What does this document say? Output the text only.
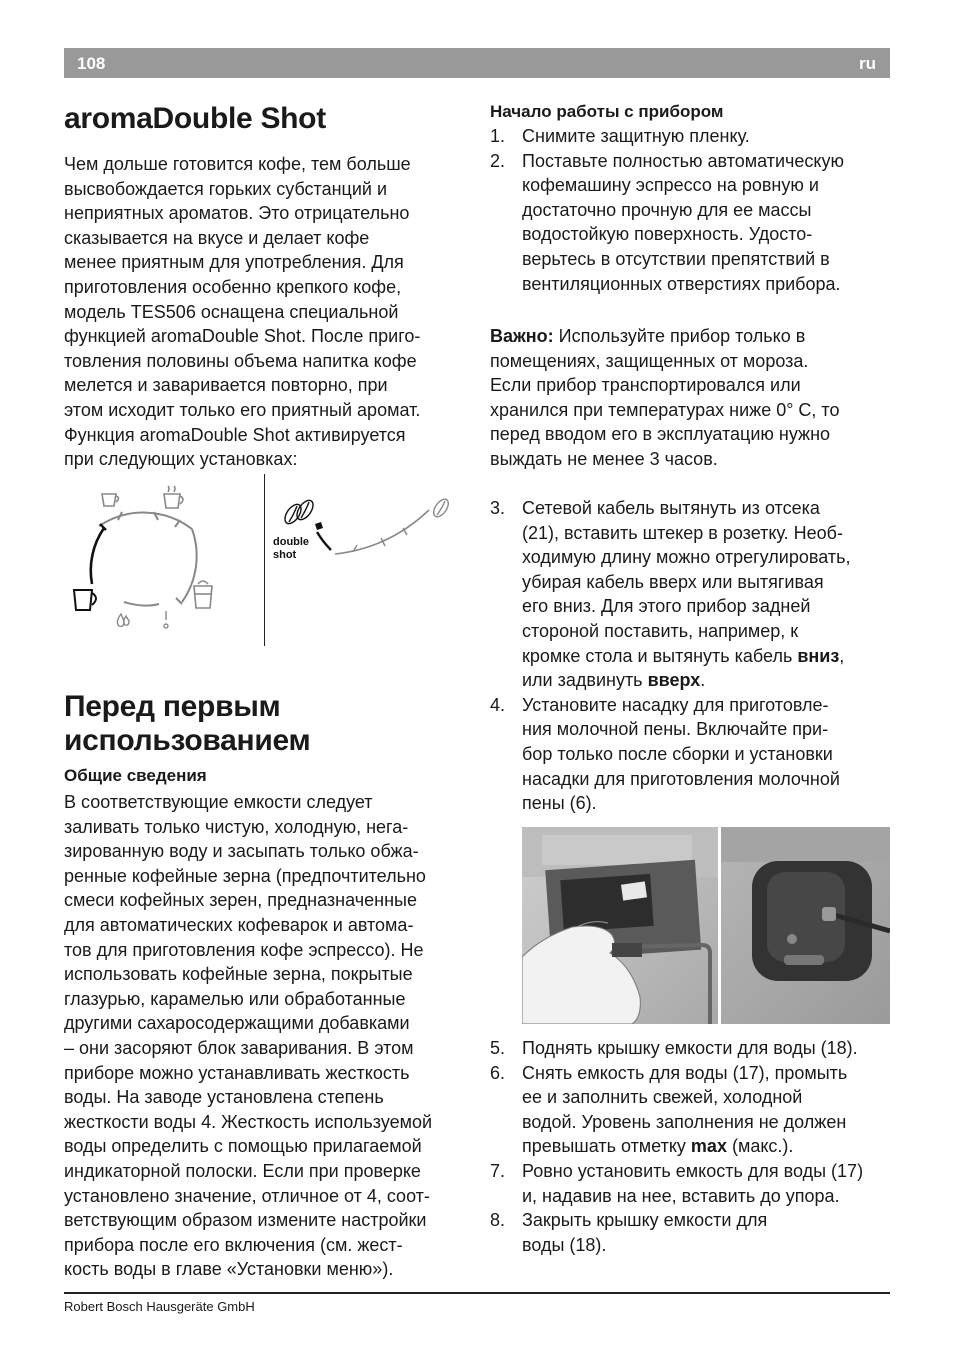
108	ru
aromaDouble Shot

Чем дольше готовится кофе, тем больше
высвобождается горьких субстанций и
неприятных ароматов. Это отрицательно
сказывается на вкусе и делает кофе
менее приятным для употребления. Для
приготовления особенно крепкого кофе,
модель TES506 оснащена специальной
функцией aromaDouble Shot. После приго-
товления половины объема напитка кофе
мелется и заваривается повторно, при
этом исходит только его приятный аромат.
Функция aromaDouble Shot активируется
при следующих установках:

double
shot
Перед первым
использованием
Общие сведения

В соответствующие емкости следует
заливать только чистую, холодную, нега-
зированную воду и засыпать только обжа-
ренные кофейные зерна (предпочтительно
смеси кофейных зерен, предназначенные
для автоматических кофеварок и автома-
тов для приготовления кофе эспрессо). Не
использовать кофейные зерна, покрытые
глазурью, карамелью или обработанные
другими сахаросодержащими добавками
– они засоряют блок заваривания. В этом
приборе можно устанавливать жесткость
воды. На заводе установлена степень
жесткости воды 4. Жесткость используемой
воды определить с помощью прилагаемой
индикаторной полоски. Если при проверке
установлено значение, отличное от 4, соот-
ветствующим образом измените настройки
прибора после его включения (см. жест-
кость воды в главе «Установки меню»).

Начало работы с прибором
1. Снимите защитную пленку.
2. Поставьте полностью автоматическую
кофемашину эспрессо на ровную и
достаточно прочную для ее массы
водостойкую поверхность. Удосто-
верьтесь в отсутствии препятствий в
вентиляционных отверстиях прибора.

Важно: Используйте прибор только в
помещениях, защищенных от мороза.
Если прибор транспортировался или
хранился при температурах ниже 0° C, то
перед вводом его в эксплуатацию нужно
выждать не менее 3 часов.

3. Сетевой кабель вытянуть из отсека
(21), вставить штекер в розетку. Необ-
ходимую длину можно отрегулировать,
убирая кабель вверх или вытягивая
его вниз. Для этого прибор задней
стороной поставить, например, к
кромке стола и вытянуть кабель вниз,
или задвинуть вверх.
4. Установите насадку для приготовле-
ния молочной пены. Включайте при-
бор только после сборки и установки
насадки для приготовления молочной
пены (6).
5. Поднять крышку емкости для воды (18).
6. Снять емкость для воды (17), промыть
ее и заполнить свежей, холодной
водой. Уровень заполнения не должен
превышать отметку max (макс.).
7. Ровно установить емкость для воды (17)
и, надавив на нее, вставить до упора.
8. Закрыть крышку емкости для
воды (18).
Robert Bosch Hausgeräte GmbH
